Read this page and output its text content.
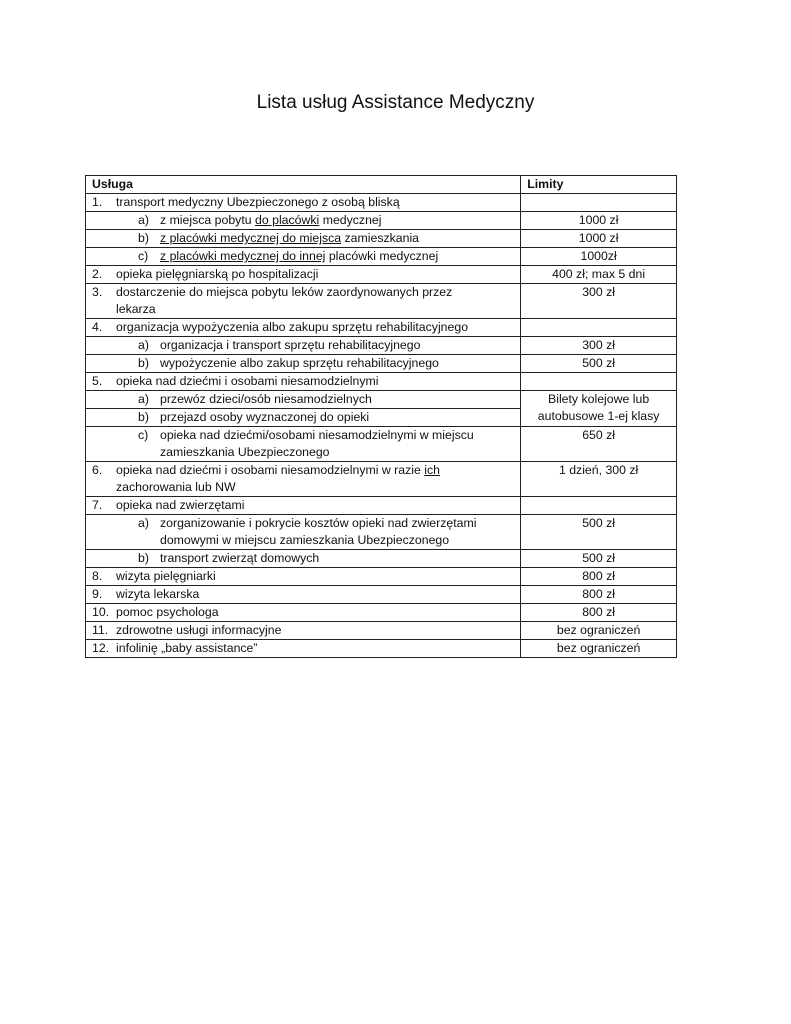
Lista usług Assistance Medyczny
Usługa	Limity

1. transport medyczny Ubezpieczonego z osobą bliską	

a) z miejsca pobytu do placówki medycznej	1000 zł

b) z placówki medycznej do miejsca zamieszkania	1000 zł

c) z placówki medycznej do innej placówki medycznej	1000zł

2. opieka pielęgniarską po hospitalizacji	400 zł; max 5 dni

3. dostarczenie do miejsca pobytu leków zaordynowanych przez lekarza	300 zł

4. organizacja wypożyczenia albo zakupu sprzętu rehabilitacyjnego	

a) organizacja i transport sprzętu rehabilitacyjnego	300 zł

b) wypożyczenie albo zakup sprzętu rehabilitacyjnego	500 zł

5. opieka nad dziećmi i osobami niesamodzielnymi	

a) przewóz dzieci/osób niesamodzielnych	Bilety kolejowe lub autobusowe 1-ej klasy

b) przejazd osoby wyznaczonej do opieki	

c) opieka nad dziećmi/osobami niesamodzielnymi w miejscu zamieszkania Ubezpieczonego	650 zł

6. opieka nad dziećmi i osobami niesamodzielnymi w razie ich zachorowania lub NW	1 dzień, 300 zł

7. opieka nad zwierzętami	

a) zorganizowanie i pokrycie kosztów opieki nad zwierzętami domowymi w miejscu zamieszkania Ubezpieczonego	500 zł

b) transport zwierząt domowych	500 zł

8. wizyta pielęgniarki	800 zł

9. wizyta lekarska	800 zł

10. pomoc psychologa	800 zł

11. zdrowotne usługi informacyjne	bez ograniczeń

12. infolinię „baby assistance”	bez ograniczeń
